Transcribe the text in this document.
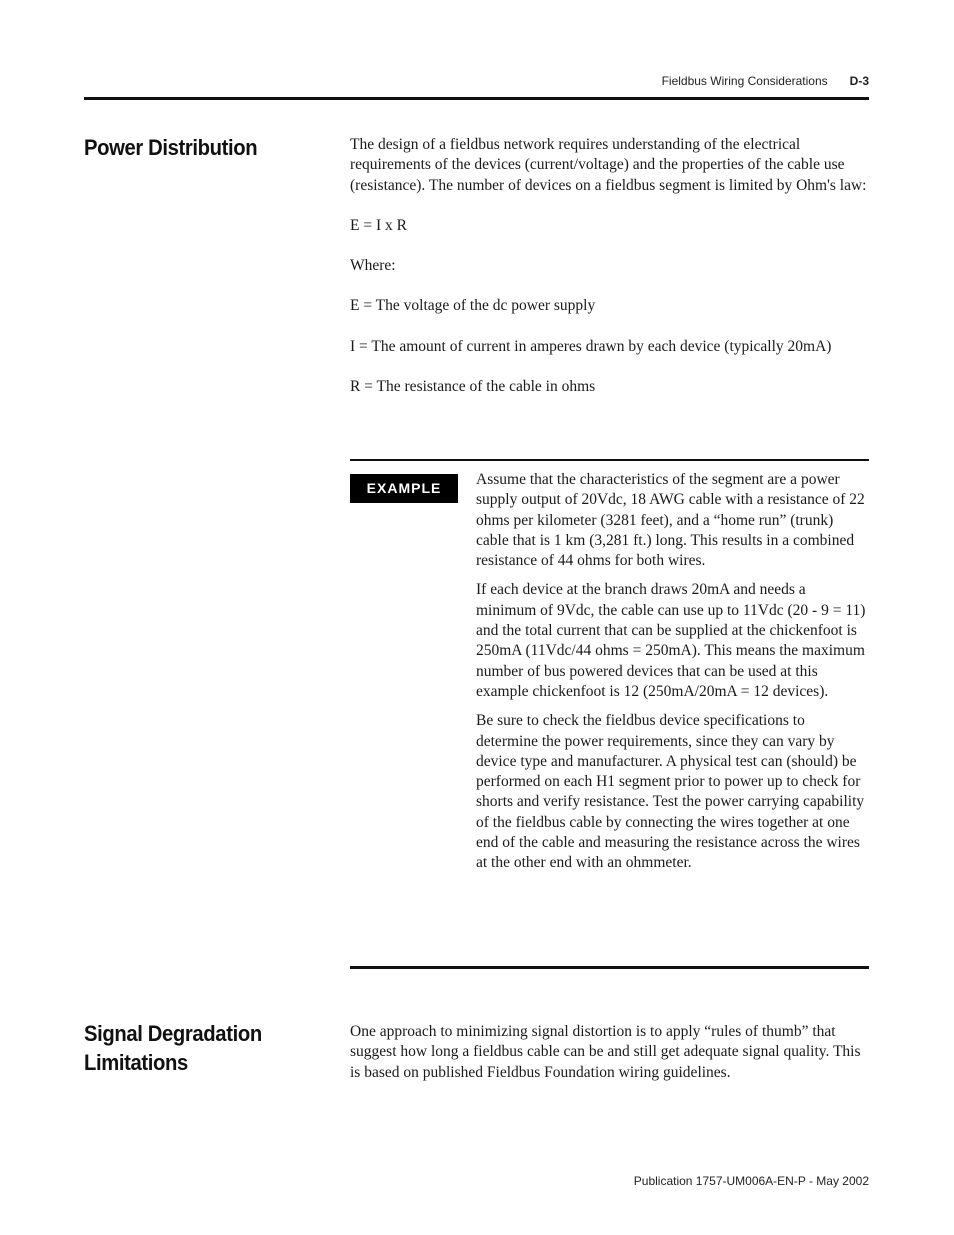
Fieldbus Wiring Considerations D-3
Power Distribution	The design of a fieldbus network requires understanding of the electrical requirements of the devices (current/voltage) and the properties of the cable use (resistance). The number of devices on a fieldbus segment is limited by Ohm's law:

E = I x R

Where:

E = The voltage of the dc power supply

I = The amount of current in amperes drawn by each device (typically 20mA)

R = The resistance of the cable in ohms

EXAMPLE	Assume that the characteristics of the segment are a power supply output of 20Vdc, 18 AWG cable with a resistance of 22 ohms per kilometer (3281 feet), and a “home run” (trunk) cable that is 1 km (3,281 ft.) long. This results in a combined resistance of 44 ohms for both wires.

If each device at the branch draws 20mA and needs a minimum of 9Vdc, the cable can use up to 11Vdc (20 - 9 = 11) and the total current that can be supplied at the chickenfoot is 250mA (11Vdc/44 ohms = 250mA). This means the maximum number of bus powered devices that can be used at this example chickenfoot is 12 (250mA/20mA = 12 devices).

Be sure to check the fieldbus device specifications to determine the power requirements, since they can vary by device type and manufacturer. A physical test can (should) be performed on each H1 segment prior to power up to check for shorts and verify resistance. Test the power carrying capability of the fieldbus cable by connecting the wires together at one end of the cable and measuring the resistance across the wires at the other end with an ohmmeter.

Signal Degradation
Limitations

One approach to minimizing signal distortion is to apply “rules of thumb” that suggest how long a fieldbus cable can be and still get adequate signal quality. This is based on published Fieldbus Foundation wiring guidelines.

Publication 1757-UM006A-EN-P - May 2002
